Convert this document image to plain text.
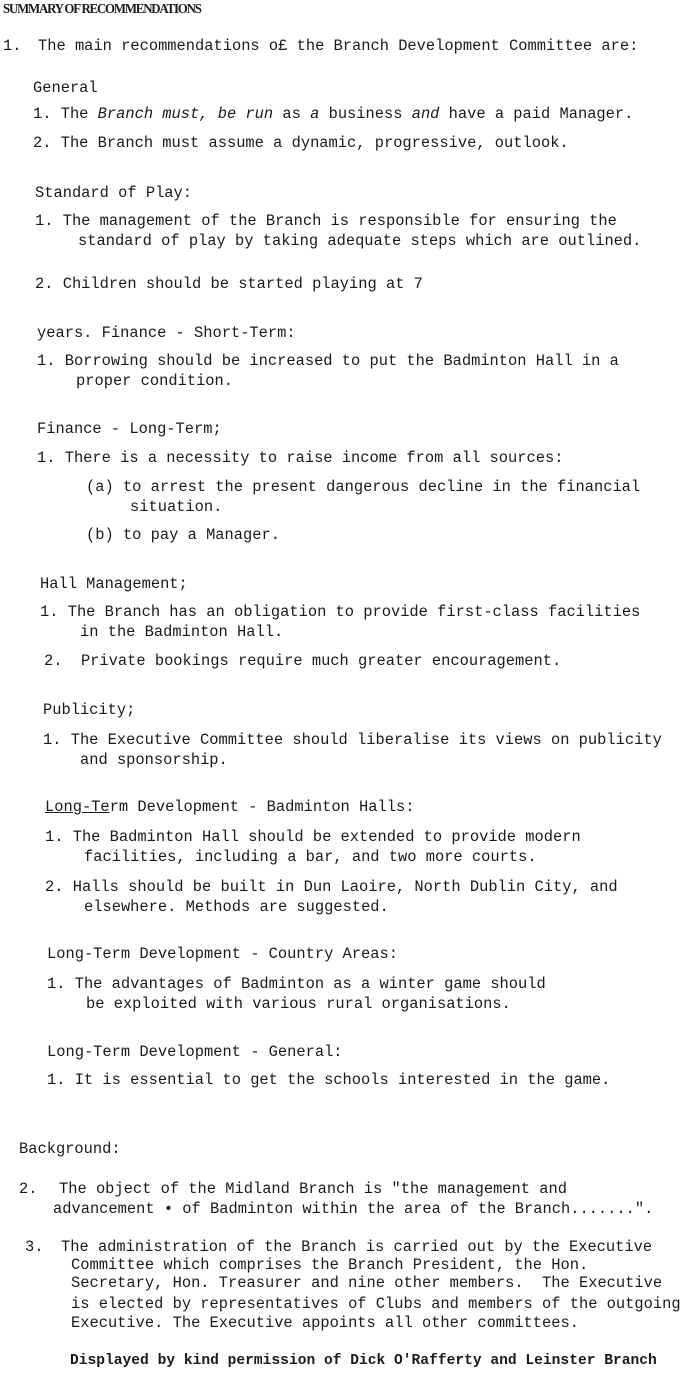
SUMMARY OF RECOMMENDATIONS
1. The main recommendations o£ the Branch Development Committee are:
General
1. The Branch must, be run as a business and have a paid Manager.
2. The Branch must assume a dynamic, progressive, outlook.
Standard of Play:
1. The management of the Branch is responsible for ensuring the
standard of play by taking adequate steps which are outlined.
2. Children should be started playing at 7
years. Finance - Short-Term:
1. Borrowing should be increased to put the Badminton Hall in a
proper condition.
Finance - Long-Term;
1. There is a necessity to raise income from all sources:
(a) to arrest the present dangerous decline in the financial
situation.
(b) to pay a Manager.
Hall Management;
1. The Branch has an obligation to provide first-class facilities
in the Badminton Hall.
2.  Private bookings require much greater encouragement.
Publicity;
1. The Executive Committee should liberalise its views on publicity
and sponsorship.
Long-Term Development - Badminton Halls:
1. The Badminton Hall should be extended to provide modern
facilities, including a bar, and two more courts.
2. Halls should be built in Dun Laoire, North Dublin City, and
elsewhere. Methods are suggested.
Long-Term Development - Country Areas:
1. The advantages of Badminton as a winter game should
be exploited with various rural organisations.
Long-Term Development - General:
1. It is essential to get the schools interested in the game.
Background:
2. The object of the Midland Branch is "the management and
advancement • of Badminton within the area of the Branch.......".
3. The administration of the Branch is carried out by the Executive
Committee which comprises the Branch President, the Hon.
Secretary, Hon. Treasurer and nine other members.  The Executive
is elected by representatives of Clubs and members of the outgoing
Executive. The Executive appoints all other committees.
Displayed by kind permission of Dick O'Rafferty and Leinster Branch
